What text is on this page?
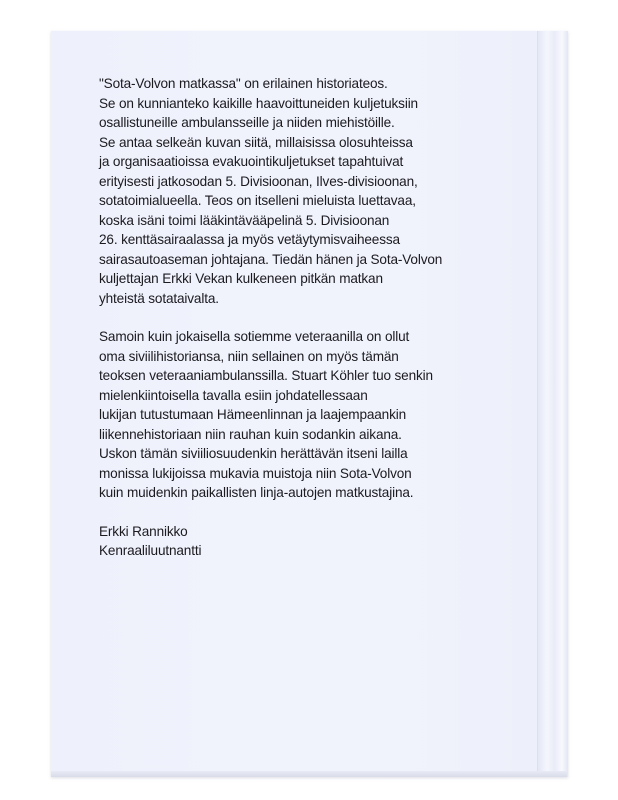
"Sota-Volvon matkassa" on erilainen historiateos.
Se on kunnianteko kaikille haavoittuneiden kuljetuksiin
osallistuneille ambulansseille ja niiden miehistöille.
Se antaa selkeän kuvan siitä, millaisissa olosuhteissa
ja organisaatioissa evakuointikuljetukset tapahtuivat
erityisesti jatkosodan 5. Divisioonan, Ilves-divisioonan,
sotatoimialueella. Teos on itselleni mieluista luettavaa,
koska isäni toimi lääkintävääpelinä 5. Divisioonan
26. kenttäsairaalassa ja myös vetäytymisvaiheessa
sairasautoaseman johtajana. Tiedän hänen ja Sota-Volvon
kuljettajan Erkki Vekan kulkeneen pitkän matkan
yhteistä sotataivalta.
Samoin kuin jokaisella sotiemme veteraanilla on ollut
oma siviilihistoriansa, niin sellainen on myös tämän
teoksen veteraaniambulanssilla. Stuart Köhler tuo senkin
mielenkiintoisella tavalla esiin johdatellessaan
lukijan tutustumaan Hämeenlinnan ja laajempaankin
liikennehistoriaan niin rauhan kuin sodankin aikana.
Uskon tämän siviiliosuudenkin herättävän itseni lailla
monissa lukijoissa mukavia muistoja niin Sota-Volvon
kuin muidenkin paikallisten linja-autojen matkustajina.
Erkki Rannikko
Kenraaliluutnantti
